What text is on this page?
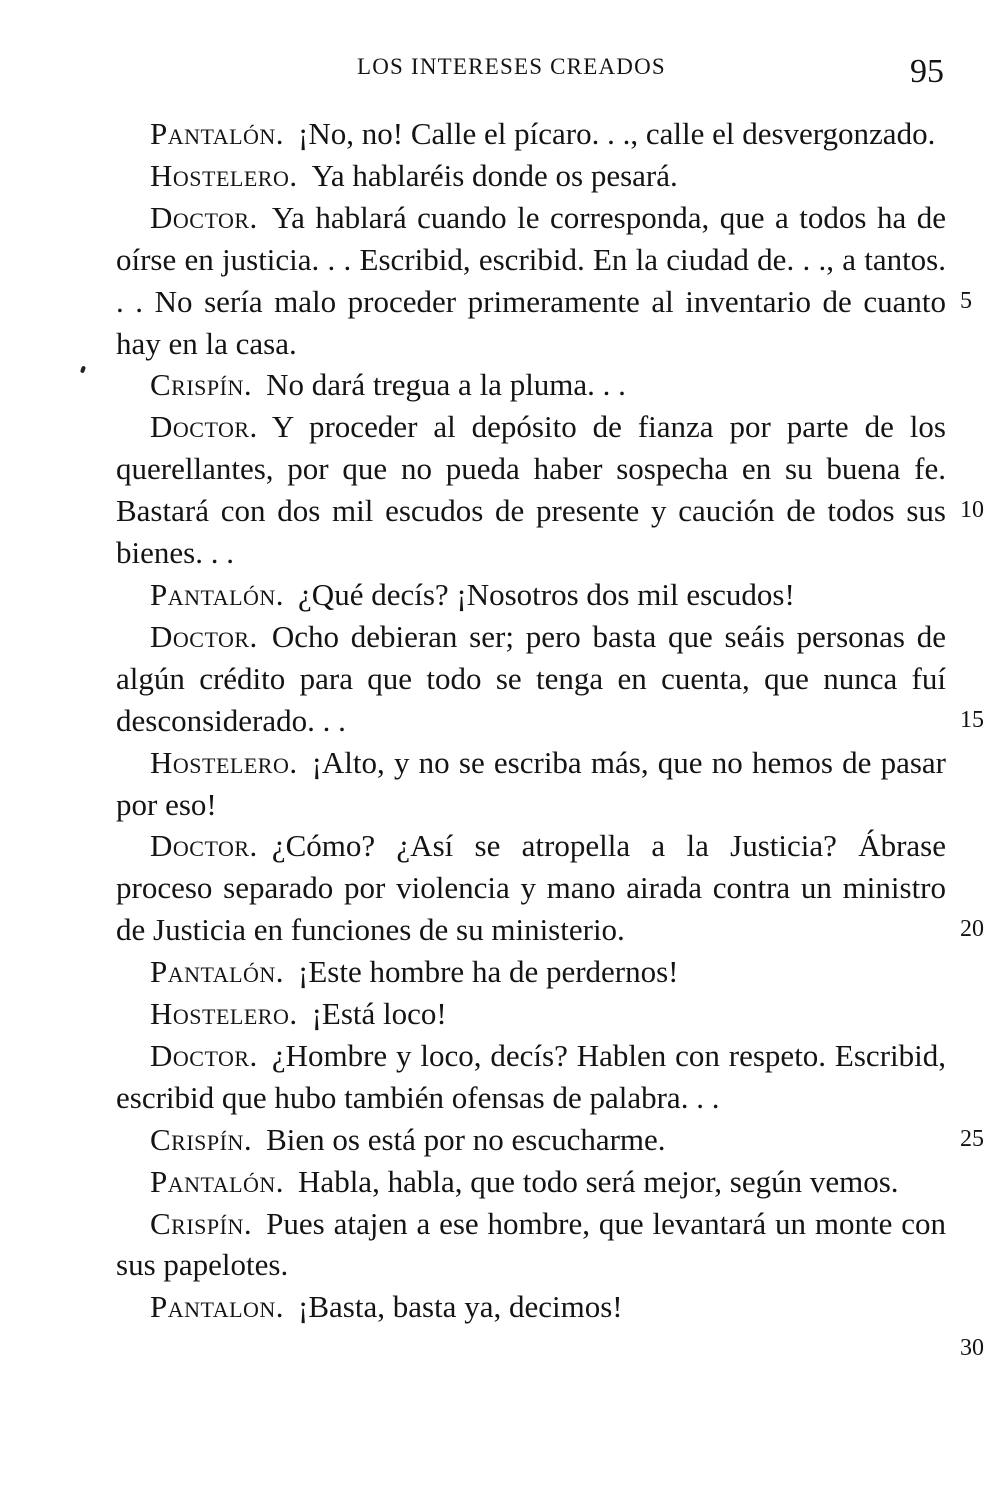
LOS INTERESES CREADOS	95

Pantalón. ¡No, no! Calle el pícaro. . ., calle el desvergonzado.

Hostelero. Ya hablaréis donde os pesará.

Doctor. Ya hablará cuando le corresponda, que a todos ha de oírse en justicia. . . Escribid, escribid. En la ciudad de. . ., a tantos. . . No sería malo proceder primeramente al inventario de cuanto hay en la casa.

Crispín. No dará tregua a la pluma. . .

Doctor. Y proceder al depósito de fianza por parte de los querellantes, por que no pueda haber sospecha en su buena fe. Bastará con dos mil escudos de presente y caución de todos sus bienes. . .

Pantalón. ¿Qué decís? ¡Nosotros dos mil escudos!

Doctor. Ocho debieran ser; pero basta que seáis personas de algún crédito para que todo se tenga en cuenta, que nunca fuí desconsiderado. . .

Hostelero. ¡Alto, y no se escriba más, que no hemos de pasar por eso!

Doctor. ¿Cómo? ¿Así se atropella a la Justicia? Ábrase proceso separado por violencia y mano airada contra un ministro de Justicia en funciones de su ministerio.

Pantalón. ¡Este hombre ha de perdernos!

Hostelero. ¡Está loco!

Doctor. ¿Hombre y loco, decís? Hablen con respeto. Escribid, escribid que hubo también ofensas de palabra. . .

Crispín. Bien os está por no escucharme.

Pantalón. Habla, habla, que todo será mejor, según vemos.

Crispín. Pues atajen a ese hombre, que levantará un monte con sus papelotes.

Pantalon. ¡Basta, basta ya, decimos!

5
10
15
20
25
30
